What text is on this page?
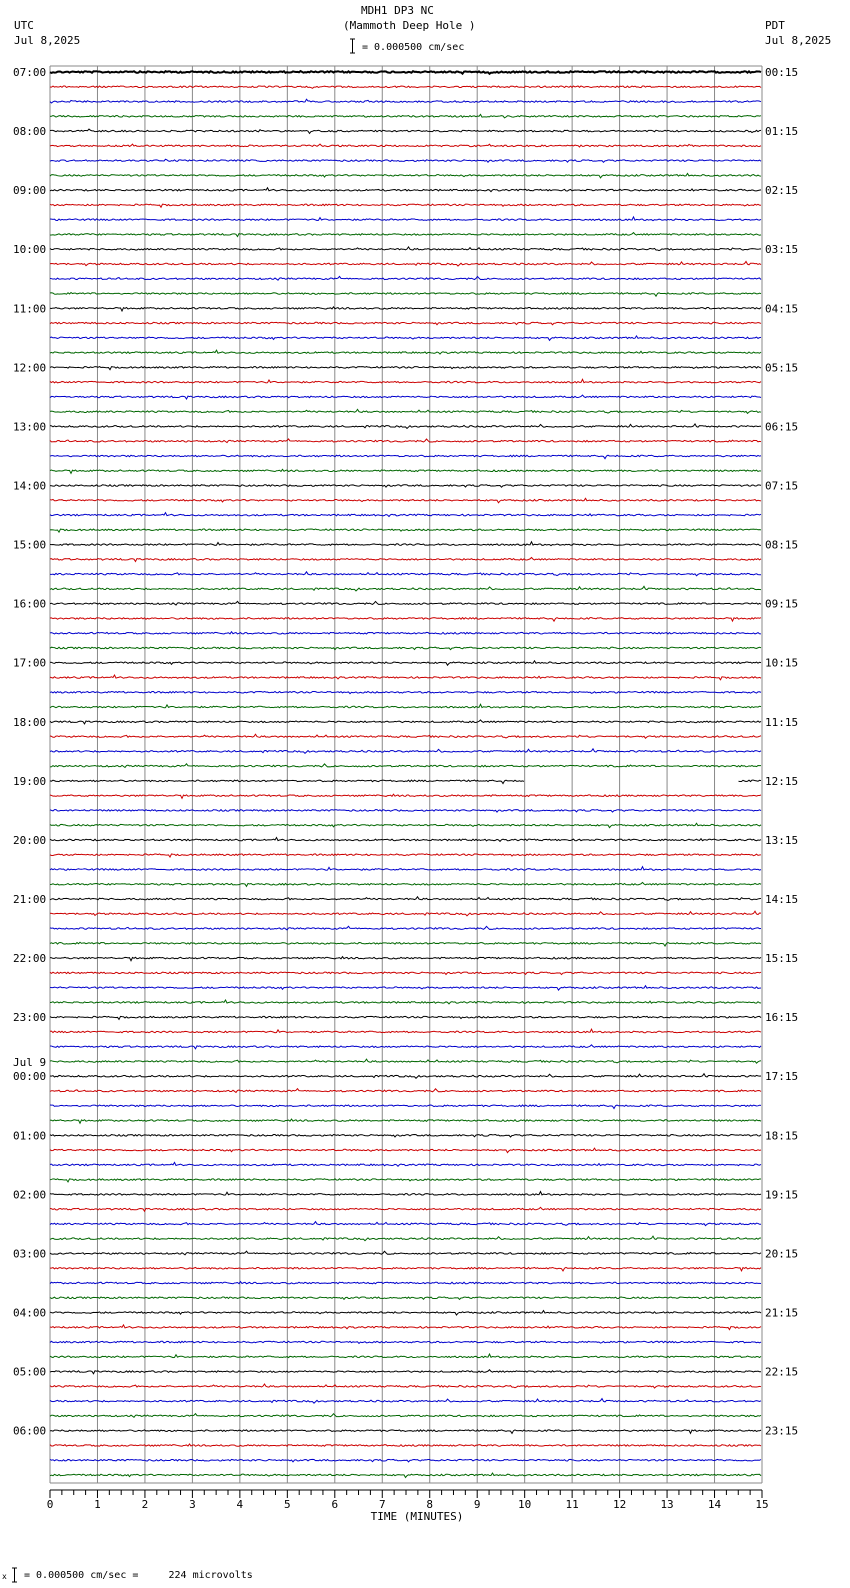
MDH1 DP3 NC
(Mammoth Deep Hole )
= 0.000500 cm/sec
UTC
Jul 8,2025
PDT
Jul 8,2025
07:00
08:00
09:00
10:00
11:00
12:00
13:00
14:00
15:00
16:00
17:00
18:00
19:00
20:00
21:00
22:00
23:00
00:00
01:00
02:00
03:00
04:00
05:00
06:00
Jul 9
00:15
01:15
02:15
03:15
04:15
05:15
06:15
07:15
08:15
09:15
10:15
11:15
12:15
13:15
14:15
15:15
16:15
17:15
18:15
19:15
20:15
21:15
22:15
23:15
0	1	2	3	4	5	6	7	8	9	10	11	12	13	14	15
TIME (MINUTES)
x = 0.000500 cm/sec =     224 microvolts
